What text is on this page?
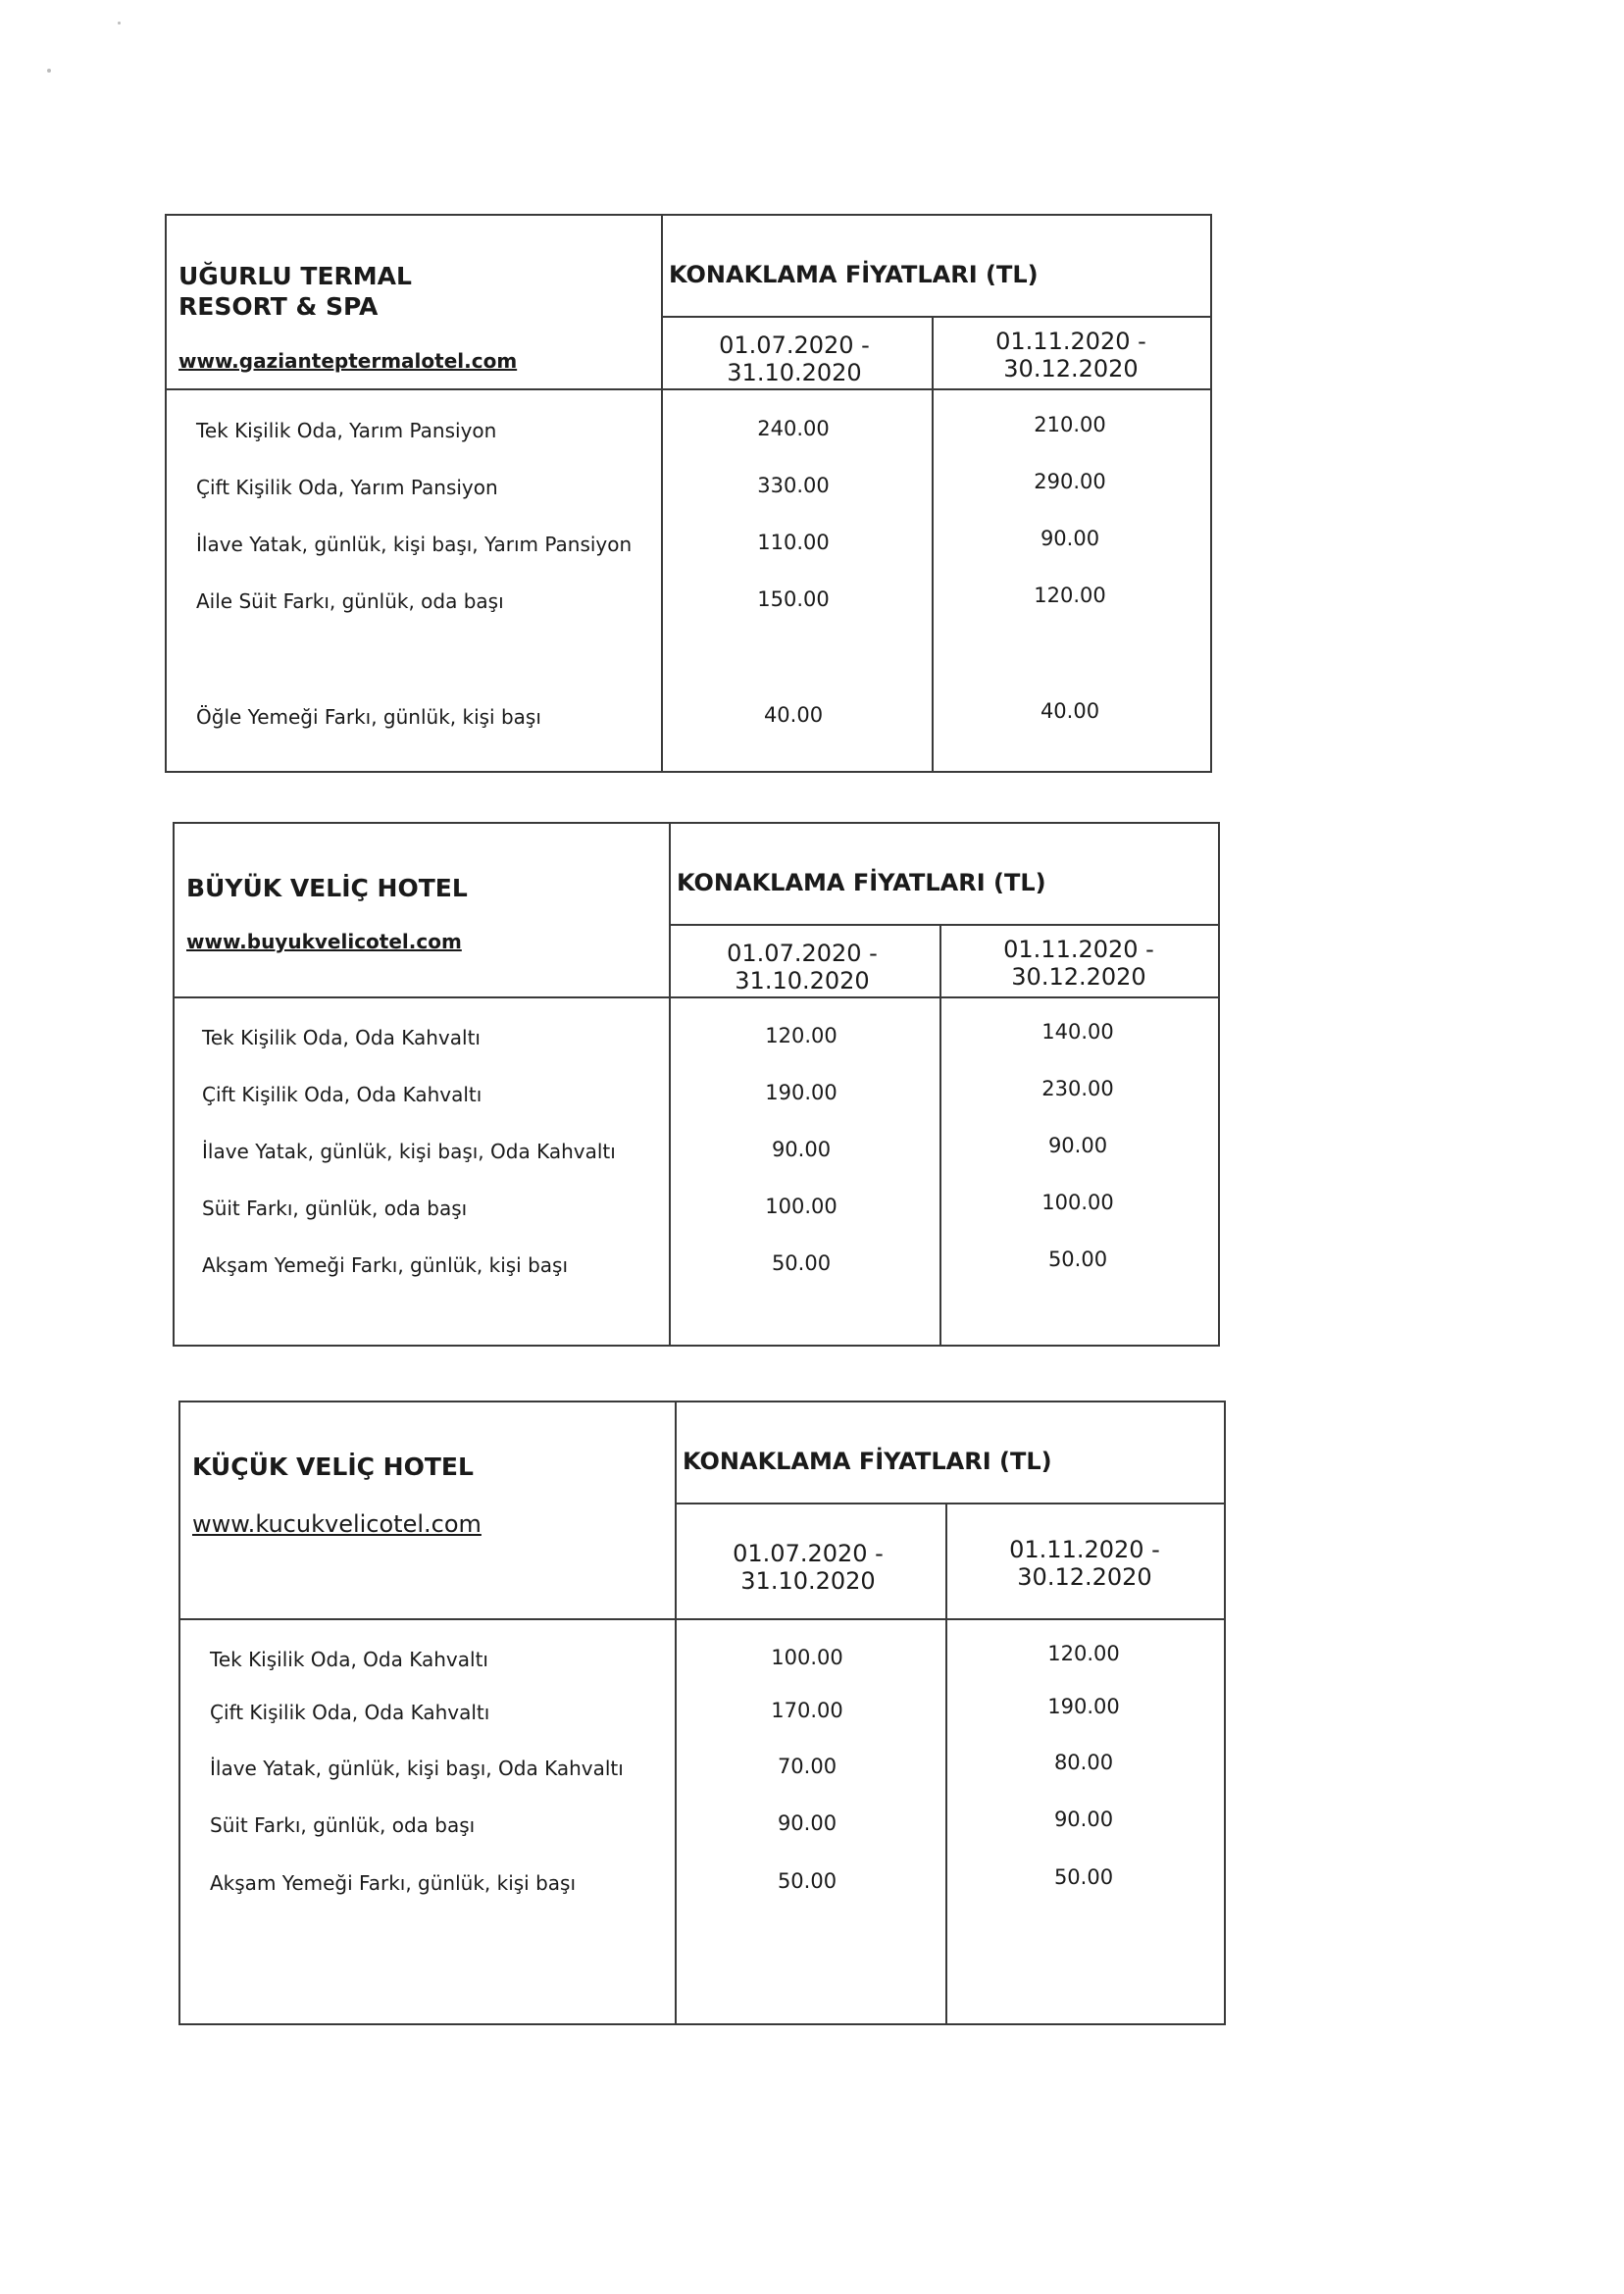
UĞURLU TERMAL
RESORT & SPA
www.gazianteptermalotel.com
KONAKLAMA FİYATLARI (TL)
01.07.2020 -
31.10.2020
01.11.2020 -
30.12.2020
Tek Kişilik Oda, Yarım Pansiyon	240.00	210.00
Çift Kişilik Oda, Yarım Pansiyon	330.00	290.00
İlave Yatak, günlük, kişi başı, Yarım Pansiyon	110.00	90.00
Aile Süit Farkı, günlük, oda başı	150.00	120.00
Öğle Yemeği Farkı, günlük, kişi başı	40.00	40.00
BÜYÜK VELİÇ HOTEL
www.buyukvelicotel.com
KONAKLAMA FİYATLARI (TL)
01.07.2020 -
31.10.2020
01.11.2020 -
30.12.2020
Tek Kişilik Oda, Oda Kahvaltı	120.00	140.00
Çift Kişilik Oda, Oda Kahvaltı	190.00	230.00
İlave Yatak, günlük, kişi başı, Oda Kahvaltı	90.00	90.00
Süit Farkı, günlük, oda başı	100.00	100.00
Akşam Yemeği Farkı, günlük, kişi başı	50.00	50.00
KÜÇÜK VELİÇ HOTEL
www.kucukvelicotel.com
KONAKLAMA FİYATLARI (TL)
01.07.2020 -
31.10.2020
01.11.2020 -
30.12.2020
Tek Kişilik Oda, Oda Kahvaltı	100.00	120.00
Çift Kişilik Oda, Oda Kahvaltı	170.00	190.00
İlave Yatak, günlük, kişi başı, Oda Kahvaltı	70.00	80.00
Süit Farkı, günlük, oda başı	90.00	90.00
Akşam Yemeği Farkı, günlük, kişi başı	50.00	50.00
